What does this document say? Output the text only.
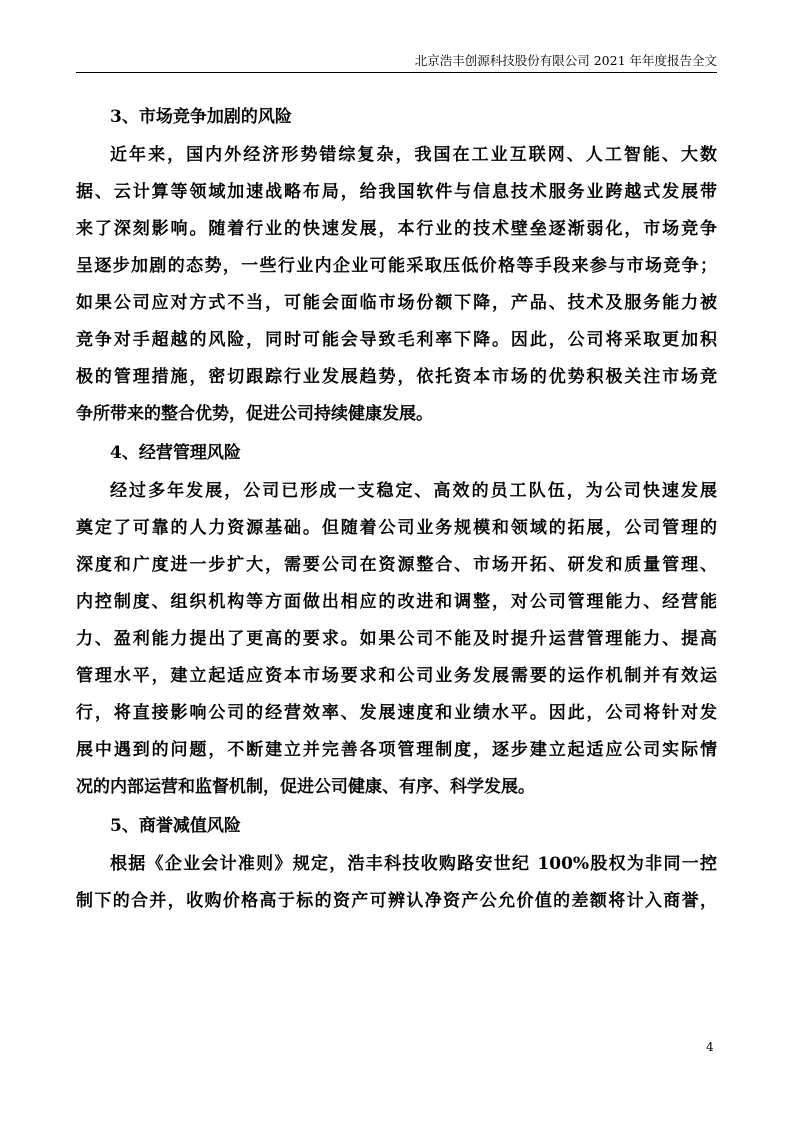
北京浩丰创源科技股份有限公司 2021 年年度报告全文
3、市场竞争加剧的风险
近年来，国内外经济形势错综复杂，我国在工业互联网、人工智能、大数
据、云计算等领域加速战略布局，给我国软件与信息技术服务业跨越式发展带
来了深刻影响。随着行业的快速发展，本行业的技术壁垒逐渐弱化，市场竞争
呈逐步加剧的态势，一些行业内企业可能采取压低价格等手段来参与市场竞争；
如果公司应对方式不当，可能会面临市场份额下降，产品、技术及服务能力被
竞争对手超越的风险，同时可能会导致毛利率下降。因此，公司将采取更加积
极的管理措施，密切跟踪行业发展趋势，依托资本市场的优势积极关注市场竞
争所带来的整合优势，促进公司持续健康发展。
4、经营管理风险
经过多年发展，公司已形成一支稳定、高效的员工队伍，为公司快速发展
奠定了可靠的人力资源基础。但随着公司业务规模和领域的拓展，公司管理的
深度和广度进一步扩大，需要公司在资源整合、市场开拓、研发和质量管理、
内控制度、组织机构等方面做出相应的改进和调整，对公司管理能力、经营能
力、盈利能力提出了更高的要求。如果公司不能及时提升运营管理能力、提高
管理水平，建立起适应资本市场要求和公司业务发展需要的运作机制并有效运
行，将直接影响公司的经营效率、发展速度和业绩水平。因此，公司将针对发
展中遇到的问题，不断建立并完善各项管理制度，逐步建立起适应公司实际情
况的内部运营和监督机制，促进公司健康、有序、科学发展。
5、商誉减值风险
根据《企业会计准则》规定，浩丰科技收购路安世纪 100%股权为非同一控
制下的合并，收购价格高于标的资产可辨认净资产公允价值的差额将计入商誉，
4
